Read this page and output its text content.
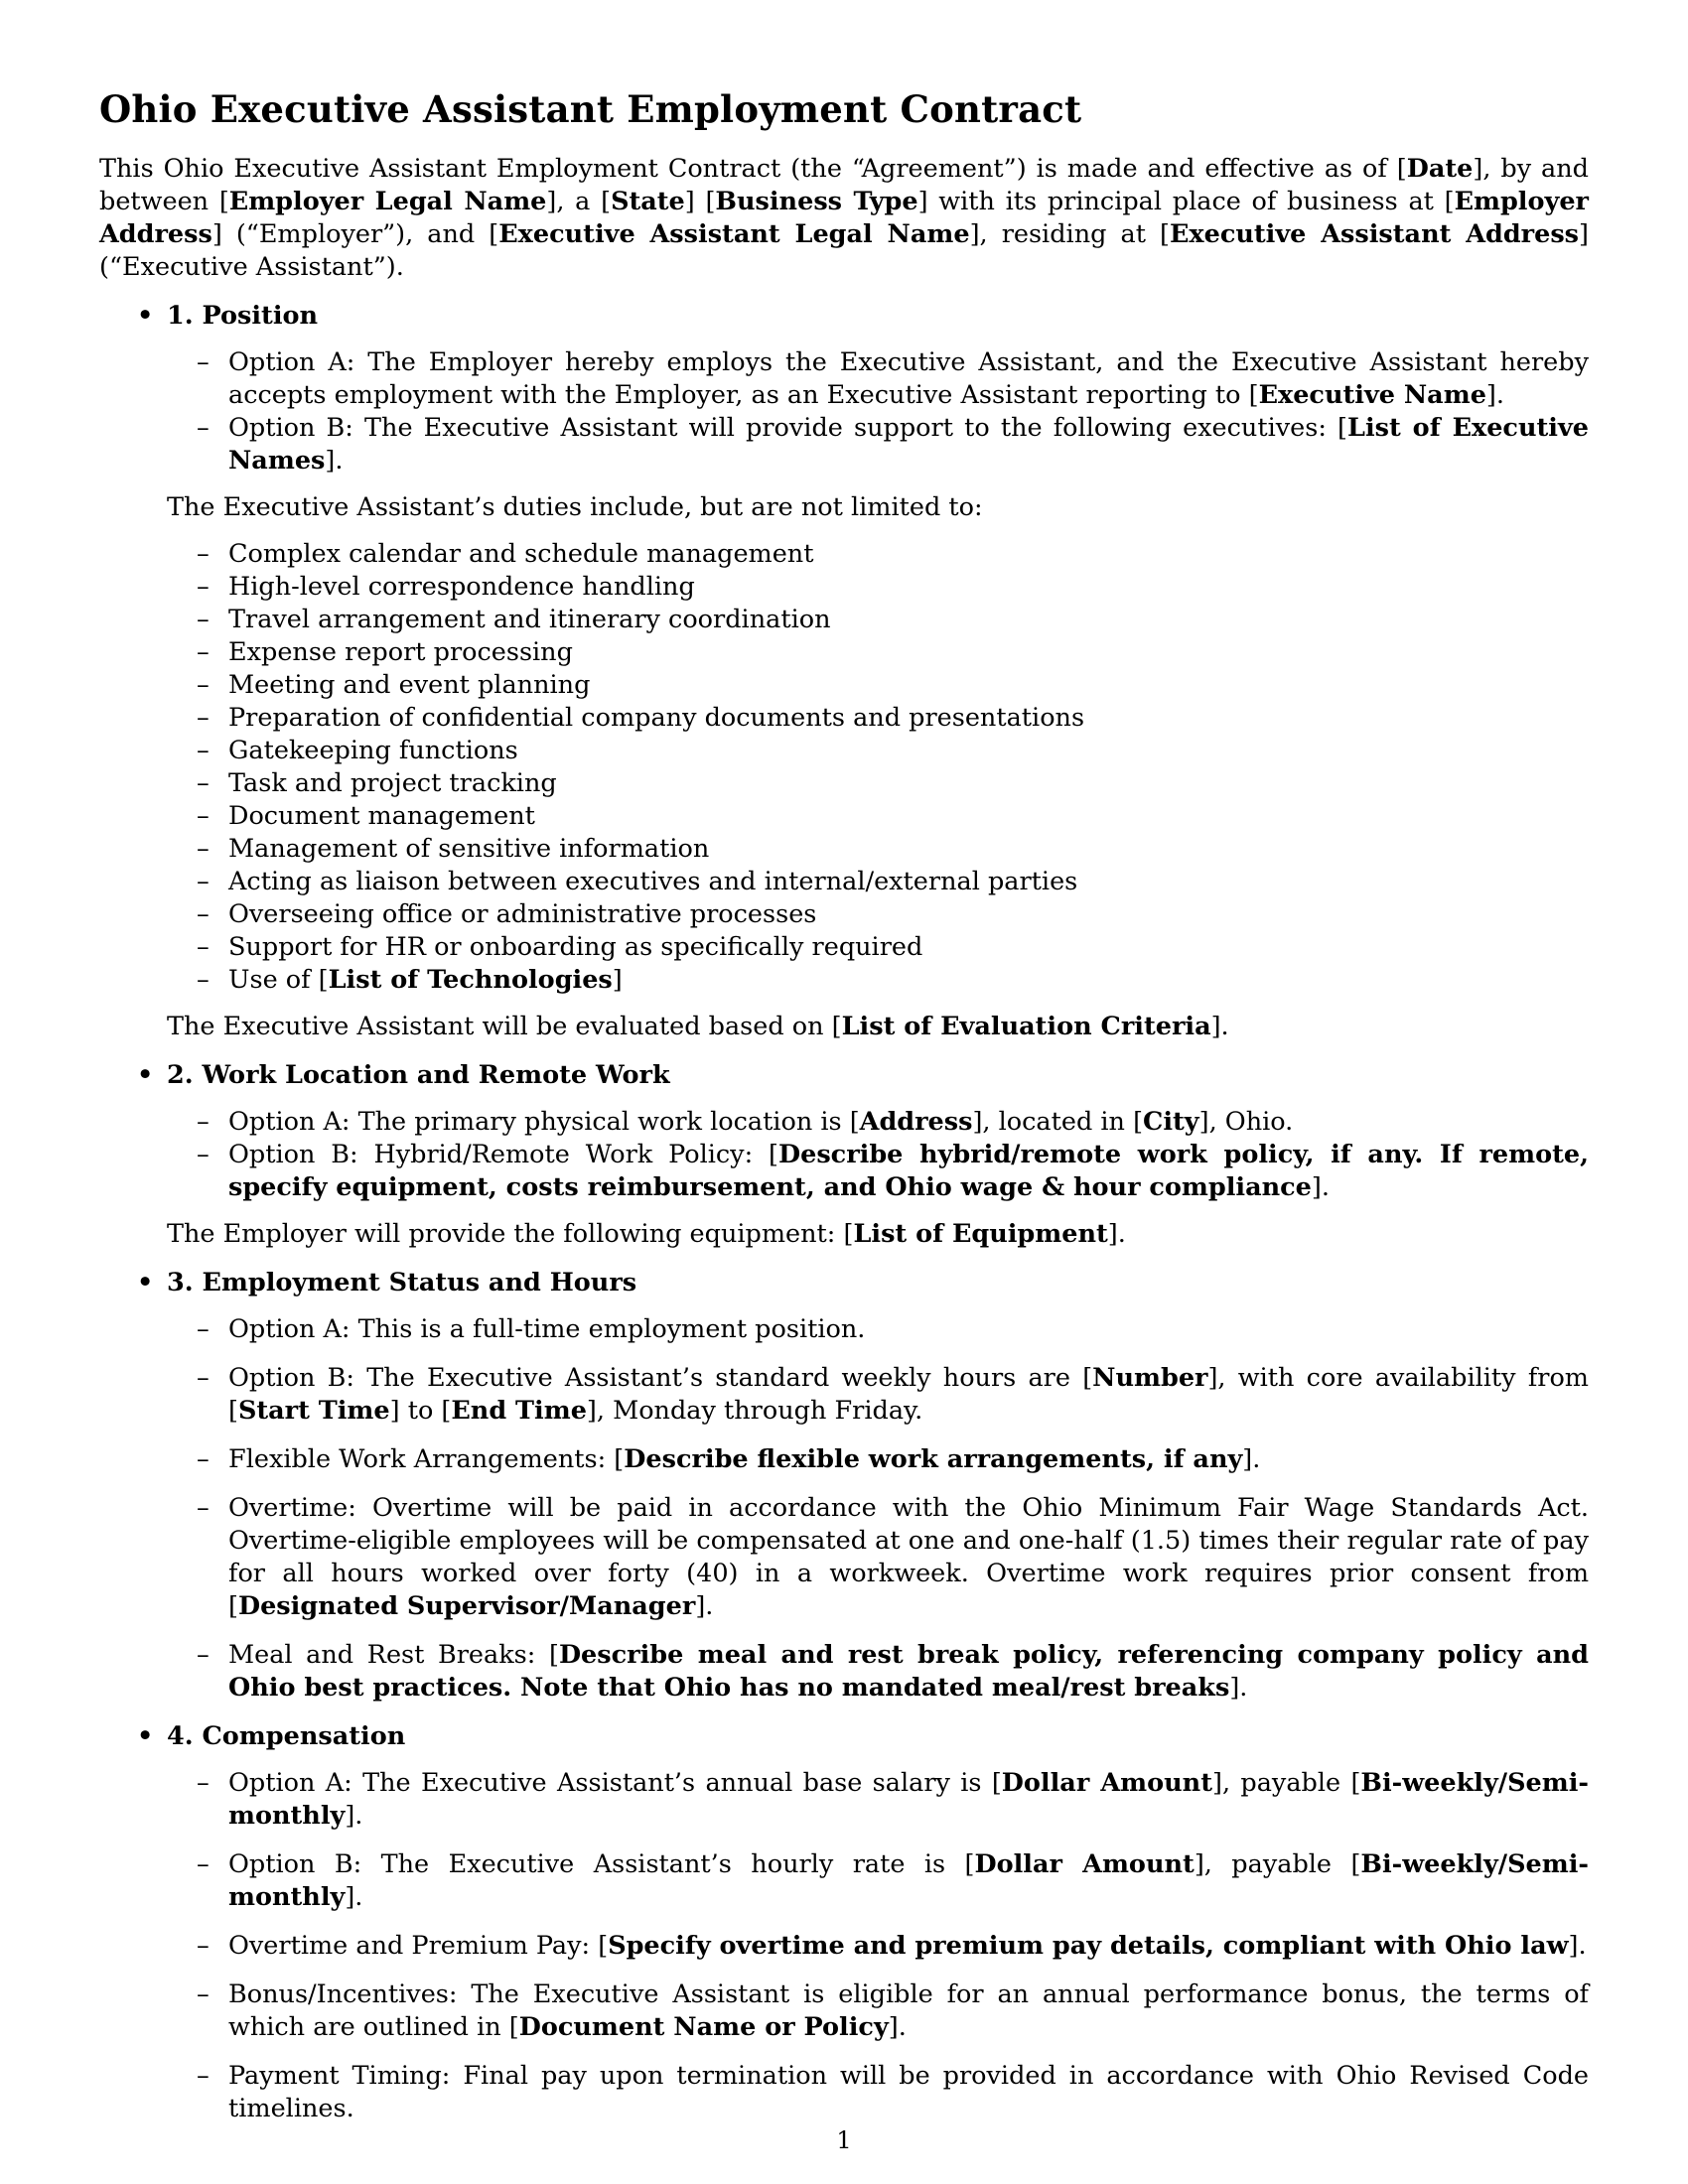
Ohio Executive Assistant Employment Contract

This Ohio Executive Assistant Employment Contract (the “Agreement”) is made and effective as of [Date], by and between [Employer Legal Name], a [State] [Business Type] with its principal place of business at [Employer Address] (“Employer”), and [Executive Assistant Legal Name], residing at [Executive Assistant Address] (“Executive Assistant”).

• 1. Position
– Option A: The Employer hereby employs the Executive Assistant, and the Executive Assistant hereby accepts employment with the Employer, as an Executive Assistant reporting to [Executive Name].
– Option B: The Executive Assistant will provide support to the following executives: [List of Executive Names].

The Executive Assistant’s duties include, but are not limited to:

– Complex calendar and schedule management
– High-level correspondence handling
– Travel arrangement and itinerary coordination
– Expense report processing
– Meeting and event planning
– Preparation of confidential company documents and presentations
– Gatekeeping functions
– Task and project tracking
– Document management
– Management of sensitive information
– Acting as liaison between executives and internal/external parties
– Overseeing office or administrative processes
– Support for HR or onboarding as specifically required
– Use of [List of Technologies]

The Executive Assistant will be evaluated based on [List of Evaluation Criteria].

• 2. Work Location and Remote Work
– Option A: The primary physical work location is [Address], located in [City], Ohio.
– Option B: Hybrid/Remote Work Policy: [Describe hybrid/remote work policy, if any. If remote, specify equipment, costs reimbursement, and Ohio wage & hour compliance].

The Employer will provide the following equipment: [List of Equipment].

• 3. Employment Status and Hours
– Option A: This is a full-time employment position.
– Option B: The Executive Assistant’s standard weekly hours are [Number], with core availability from [Start Time] to [End Time], Monday through Friday.
– Flexible Work Arrangements: [Describe flexible work arrangements, if any].
– Overtime: Overtime will be paid in accordance with the Ohio Minimum Fair Wage Standards Act. Overtime-eligible employees will be compensated at one and one-half (1.5) times their regular rate of pay for all hours worked over forty (40) in a workweek. Overtime work requires prior consent from [Designated Supervisor/Manager].
– Meal and Rest Breaks: [Describe meal and rest break policy, referencing company policy and Ohio best practices. Note that Ohio has no mandated meal/rest breaks].
• 4. Compensation
– Option A: The Executive Assistant’s annual base salary is [Dollar Amount], payable [Bi-weekly/Semi-monthly].
– Option B: The Executive Assistant’s hourly rate is [Dollar Amount], payable [Bi-weekly/Semi-monthly].
– Overtime and Premium Pay: [Specify overtime and premium pay details, compliant with Ohio law].
– Bonus/Incentives: The Executive Assistant is eligible for an annual performance bonus, the terms of which are outlined in [Document Name or Policy].
– Payment Timing: Final pay upon termination will be provided in accordance with Ohio Revised Code timelines.
1
